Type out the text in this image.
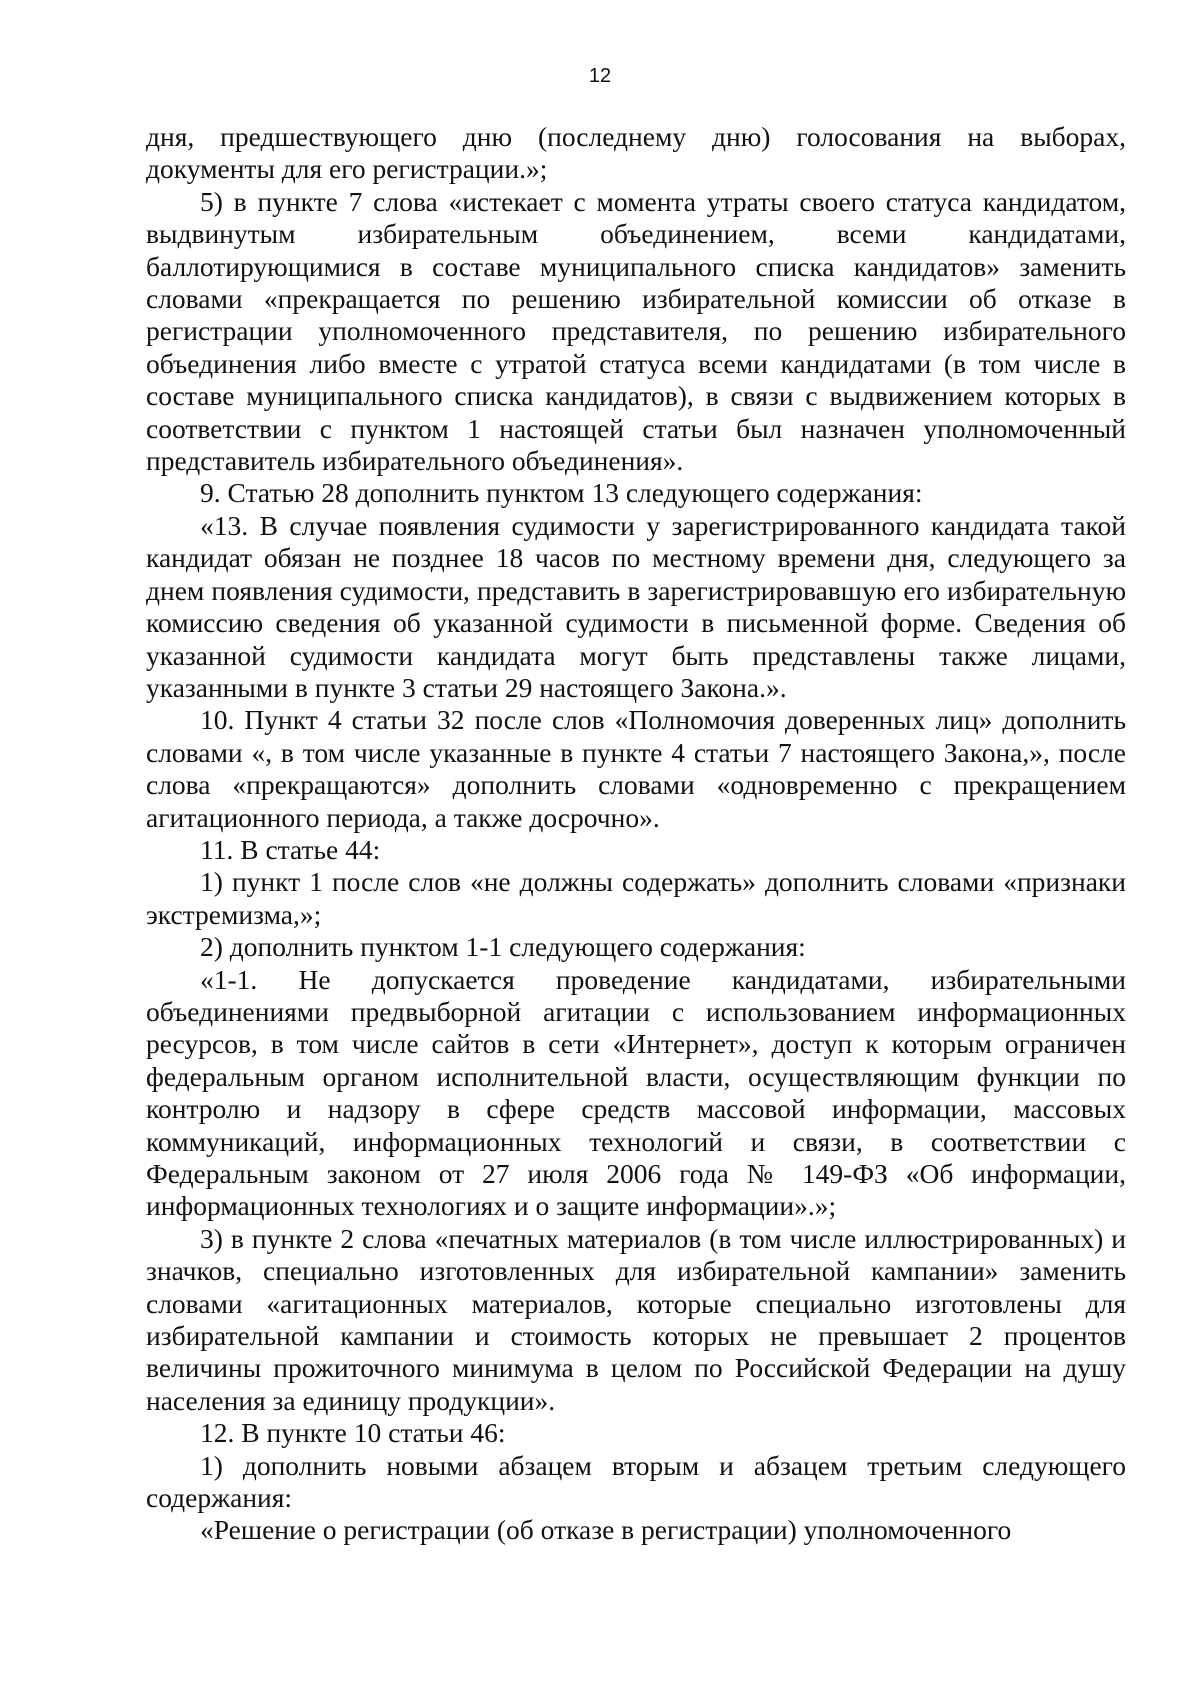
12

дня, предшествующего дню (последнему дню) голосования на выборах, документы для его регистрации.»;

5) в пункте 7 слова «истекает с момента утраты своего статуса кандидатом, выдвинутым избирательным объединением, всеми кандидатами, баллотирующимися в составе муниципального списка кандидатов» заменить словами «прекращается по решению избирательной комиссии об отказе в регистрации уполномоченного представителя, по решению избирательного объединения либо вместе с утратой статуса всеми кандидатами (в том числе в составе муниципального списка кандидатов), в связи с выдвижением которых в соответствии с пунктом 1 настоящей статьи был назначен уполномоченный представитель избирательного объединения».

9. Статью 28 дополнить пунктом 13 следующего содержания:

«13. В случае появления судимости у зарегистрированного кандидата такой кандидат обязан не позднее 18 часов по местному времени дня, следующего за днем появления судимости, представить в зарегистрировавшую его избирательную комиссию сведения об указанной судимости в письменной форме. Сведения об указанной судимости кандидата могут быть представлены также лицами, указанными в пункте 3 статьи 29 настоящего Закона.».

10. Пункт 4 статьи 32 после слов «Полномочия доверенных лиц» дополнить словами «, в том числе указанные в пункте 4 статьи 7 настоящего Закона,», после слова «прекращаются» дополнить словами «одновременно с прекращением агитационного периода, а также досрочно».

11. В статье 44:

1) пункт 1 после слов «не должны содержать» дополнить словами «признаки экстремизма,»;

2) дополнить пунктом 1-1 следующего содержания:

«1-1. Не допускается проведение кандидатами, избирательными объединениями предвыборной агитации с использованием информационных ресурсов, в том числе сайтов в сети «Интернет», доступ к которым ограничен федеральным органом исполнительной власти, осуществляющим функции по контролю и надзору в сфере средств массовой информации, массовых коммуникаций, информационных технологий и связи, в соответствии с Федеральным законом от 27 июля 2006 года № 149-ФЗ «Об информации, информационных технологиях и о защите информации».»;

3) в пункте 2 слова «печатных материалов (в том числе иллюстрированных) и значков, специально изготовленных для избирательной кампании» заменить словами «агитационных материалов, которые специально изготовлены для избирательной кампании и стоимость которых не превышает 2 процентов величины прожиточного минимума в целом по Российской Федерации на душу населения за единицу продукции».

12. В пункте 10 статьи 46:

1) дополнить новыми абзацем вторым и абзацем третьим следующего содержания:

«Решение о регистрации (об отказе в регистрации) уполномоченного
